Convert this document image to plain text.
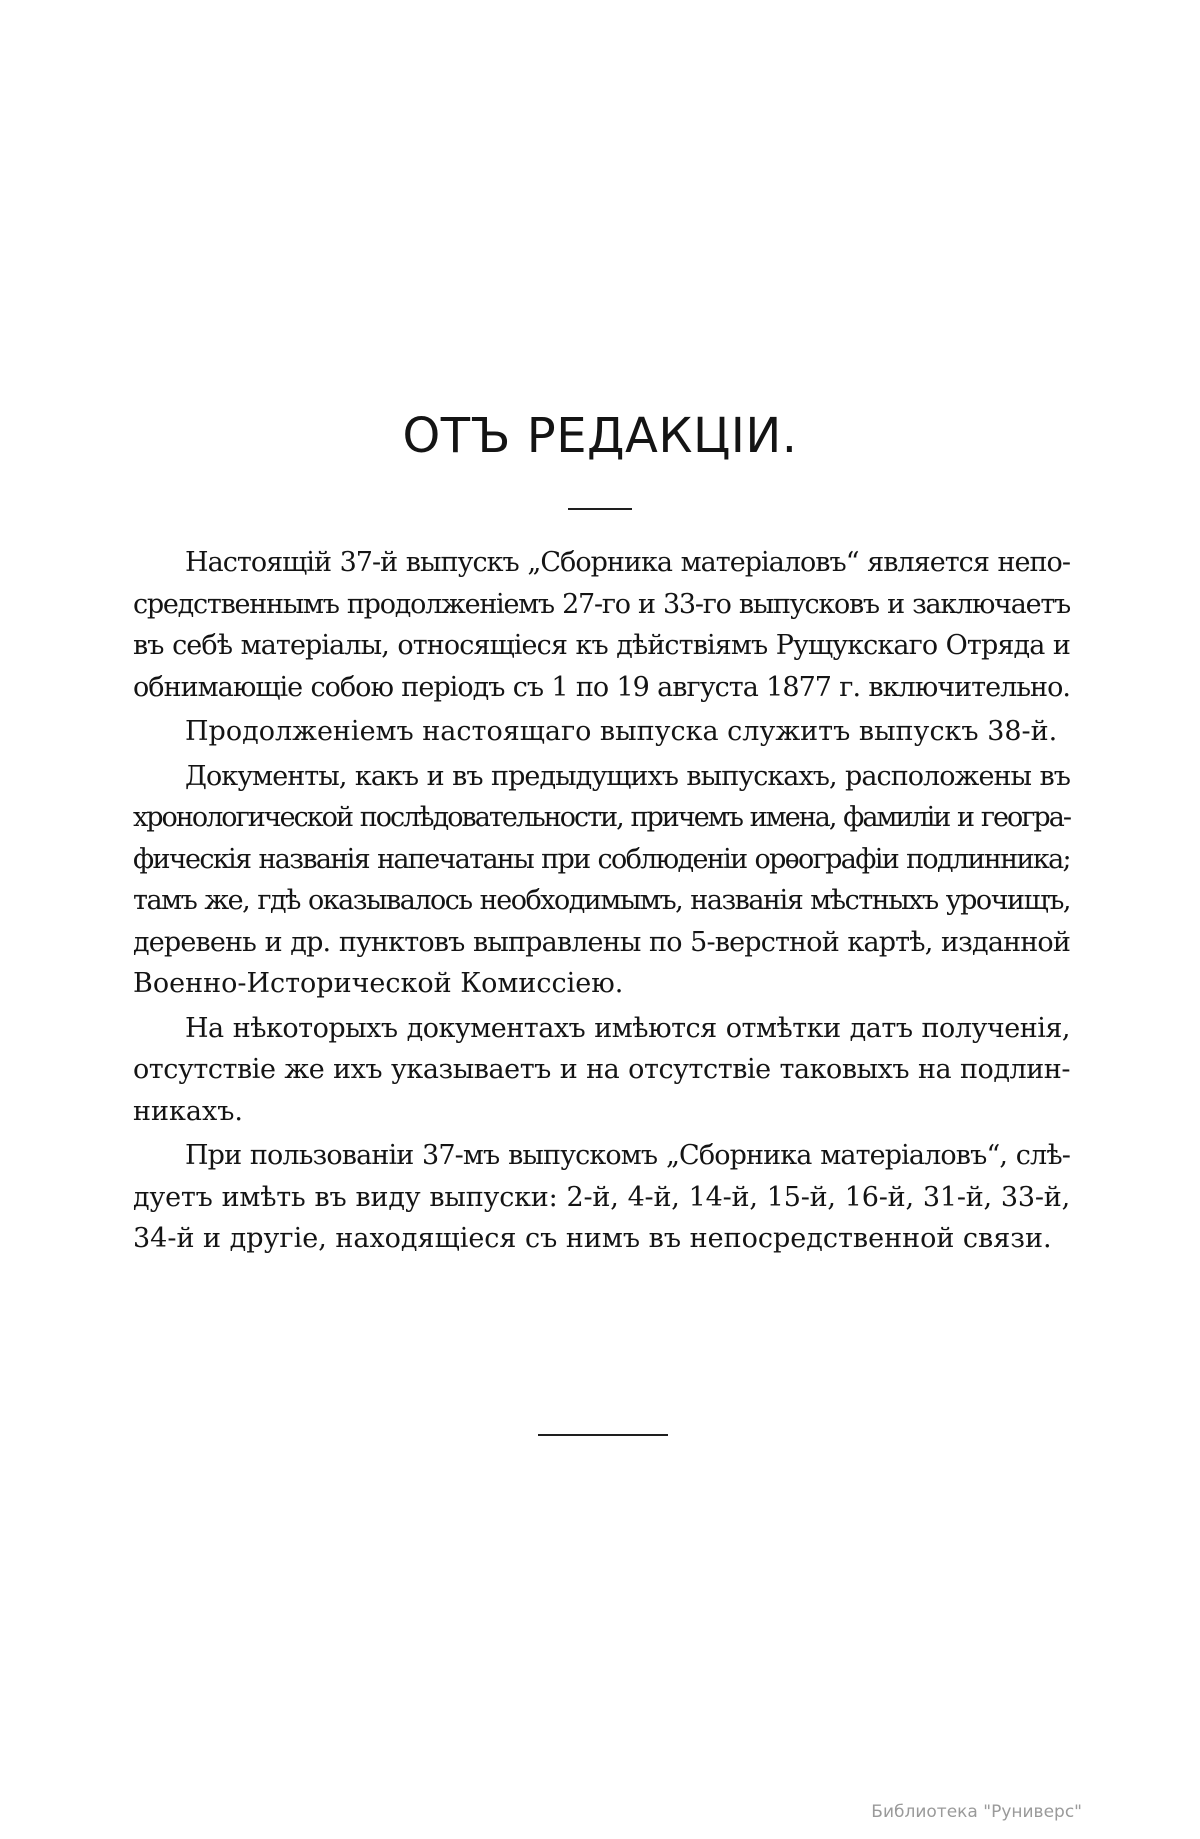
ОТЪ РЕДАКЦIИ.
Настоящiй 37-й выпускъ „Сборника матерiаловъ“ является непо-
средственнымъ продолженiемъ 27-го и 33-го выпусковъ и заключаетъ
въ себѣ матерiалы, относящiеся къ дѣйствiямъ Рущукскаго Отряда и
обнимающiе собою перiодъ съ 1 по 19 августа 1877 г. включительно.
Продолженiемъ настоящаго выпуска служитъ выпускъ 38-й.
Документы, какъ и въ предыдущихъ выпускахъ, расположены въ
хронологической послѣдовательности, причемъ имена, фамилiи и геогра-
фическiя названiя напечатаны при соблюденiи орѳографiи подлинника;
тамъ же, гдѣ оказывалось необходимымъ, названiя мѣстныхъ урочищъ,
деревень и др. пунктовъ выправлены по 5-верстной картѣ, изданной
Военно-Исторической Комиссiею.
На нѣкоторыхъ документахъ имѣются отмѣтки датъ полученiя,
отсутствiе же ихъ указываетъ и на отсутствiе таковыхъ на подлин-
никахъ.
При пользованiи 37-мъ выпускомъ „Сборника матерiаловъ“, слѣ-
дуетъ имѣть въ виду выпуски: 2-й, 4-й, 14-й, 15-й, 16-й, 31-й, 33-й,
34-й и другiе, находящiеся съ нимъ въ непосредственной связи.
Библиотека "Руниверс"
